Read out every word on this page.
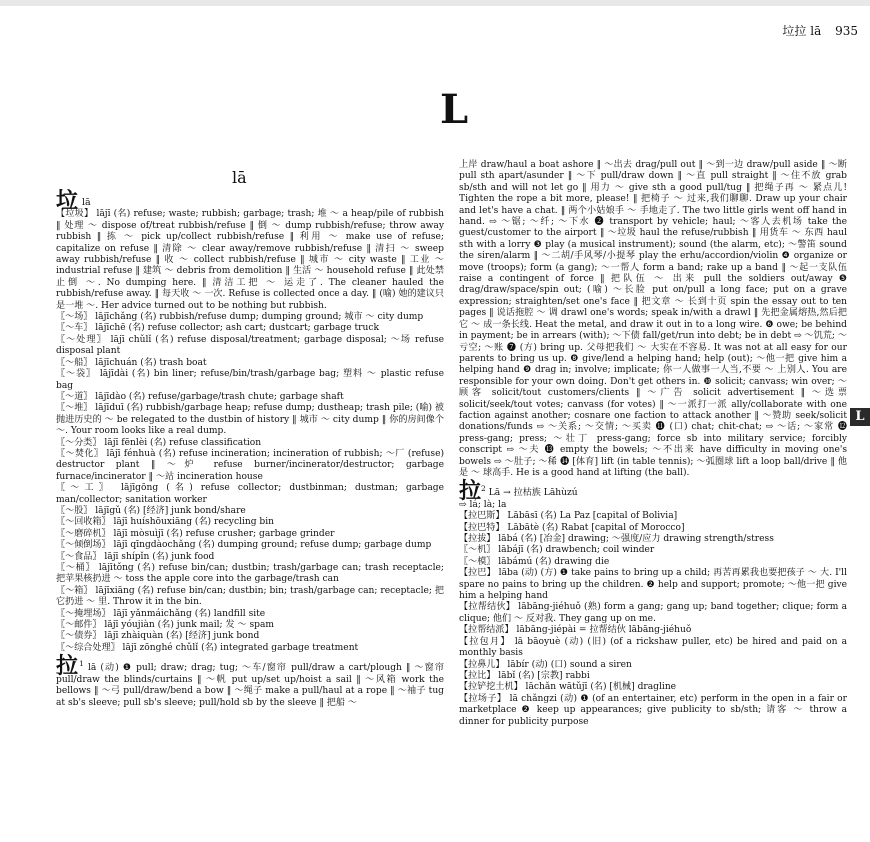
垃拉 lā 935
L
lā

垃lā

【垃圾】 lājī (名) refuse; waste; rubbish; garbage; trash; 堆 ～ a heap/pile of rubbish ‖ 处理 ～ dispose of/treat rubbish/refuse ‖ 倒 ～ dump rubbish/refuse; throw away rubbish ‖ 拣 ～ pick up/collect rubbish/refuse ‖ 利用 ～ make use of refuse; capitalize on refuse ‖ 清除 ～ clear away/remove rubbish/refuse ‖ 清扫 ～ sweep away rubbish/refuse ‖ 收 ～ collect rubbish/refuse ‖ 城市 ～ city waste ‖ 工业 ～ industrial refuse ‖ 建筑 ～ debris from demolition ‖ 生活 ～ household refuse ‖ 此处禁止倒 ～. No dumping here. ‖ 清洁工把 ～ 运走了. The cleaner hauled the rubbish/refuse away. ‖ 每天收 ～ 一次. Refuse is collected once a day. ‖ (喻) 她的建议只是一堆 ～. Her advice turned out to be nothing but rubbish.

〖～场〗 lājīchǎng (名) rubbish/refuse dump; dumping ground; 城市 ～ city dump

〖～车〗 lājīchē (名) refuse collector; ash cart; dustcart; garbage truck

〖～处理〗 lājī chǔlǐ (名) refuse disposal/treatment; garbage disposal; ～场 refuse disposal plant

〖～船〗 lājīchuán (名) trash boat

〖～袋〗 lājīdài (名) bin liner; refuse/bin/trash/garbage bag; 塑料 ～ plastic refuse bag

〖～道〗 lājīdào (名) refuse/garbage/trash chute; garbage shaft

〖～堆〗 lājīduī (名) rubbish/garbage heap; refuse dump; dustheap; trash pile; (喻) 被抛进历史的 ～ be relegated to the dustbin of history ‖ 城市 ～ city dump ‖ 你的房间像个 ～. Your room looks like a real dump.

〖～分类〗 lājī fēnlèi (名) refuse classification

〖～焚化〗 lājī fénhuà (名) refuse incineration; incineration of rubbish; ～厂 (refuse) destructor plant ‖ ～炉 refuse burner/incinerator/destructor; garbage furnace/incinerator ‖ ～站 incineration house

〖～工〗 lājīgōng (名) refuse collector; dustbinman; dustman; garbage man/collector; sanitation worker

〖～股〗 lājīgǔ (名) [经济] junk bond/share

〖～回收箱〗 lājī huíshōuxiāng (名) recycling bin

〖～磨碎机〗 lājī mòsuìjī (名) refuse crusher; garbage grinder

〖～倾倒场〗 lājī qīngdàochǎng (名) dumping ground; refuse dump; garbage dump

〖～食品〗 lājī shípǐn (名) junk food

〖～桶〗 lājītǒng (名) refuse bin/can; dustbin; trash/garbage can; trash receptacle; 把苹果核扔进 ～ toss the apple core into the garbage/trash can

〖～箱〗 lājīxiāng (名) refuse bin/can; dustbin; bin; trash/garbage can; receptacle; 把它扔进 ～ 里. Throw it in the bin.

〖～掩埋场〗 lājī yǎnmáichǎng (名) landfill site

〖～邮件〗 lājī yóujiàn (名) junk mail; 发 ～ spam

〖～债券〗 lājī zhàiquàn (名) [经济] junk bond

〖～综合处理〗 lājī zōnghé chǔlǐ (名) integrated garbage treatment

拉$^1$ lā (动) ❶ pull; draw; drag; tug; ～车/窗帘 pull/draw a cart/plough ‖ ～窗帘 pull/draw the blinds/curtains ‖ ～帆 put up/set up/hoist a sail ‖ ～风箱 work the bellows ‖ ～弓 pull/draw/bend a bow ‖ ～绳子 make a pull/haul at a rope ‖ ～袖子 tug at sb's sleeve; pull sb's sleeve; pull/hold sb by the sleeve ‖ 把船 ～

上岸 draw/haul a boat ashore ‖ ～出去 drag/pull out ‖ ～到一边 draw/pull aside ‖ ～断 pull sth apart/asunder ‖ ～下 pull/draw down ‖ ～直 pull straight ‖ ～住不放 grab sb/sth and will not let go ‖ 用力 ～ give sth a good pull/tug ‖ 把绳子再 ～ 紧点儿! Tighten the rope a bit more, please! ‖ 把椅子 ～ 过来,我们聊聊. Draw up your chair and let's have a chat. ‖ 两个小姑娘手 ～ 手地走了. The two little girls went off hand in hand. ⇨ ～锯; ～纤; ～下水 ❷ transport by vehicle; haul; ～客人去机场 take the guest/customer to the airport ‖ ～垃圾 haul the refuse/rubbish ‖ 用货车 ～ 东西 haul sth with a lorry ❸ play (a musical instrument); sound (the alarm, etc); ～警笛 sound the siren/alarm ‖ ～二胡/手风琴/小提琴 play the erhu/accordion/violin ❹ organize or move (troops); form (a gang); ～一帮人 form a band; rake up a band ‖ ～起一支队伍 raise a contingent of force ‖ 把队伍 ～ 出来 pull the soldiers out/away ❺ drag/draw/space/spin out; (喻) ～长脸 put on/pull a long face; put on a grave expression; straighten/set one's face ‖ 把文章 ～ 长到十页 spin the essay out to ten pages ‖ 说话拖腔 ～ 调 drawl one's words; speak in/with a drawl ‖ 先把金属熔热,然后把它 ～ 成一条长线. Heat the metal, and draw it out in to a long wire. ❻ owe; be behind in payment; be in arrears (with); ～下债 fall/get/run into debt; be in debt ⇨ ～饥荒; ～亏空; ～账 ❼ (方) bring up. 父母把我们 ～ 大实在不容易. It was not at all easy for our parents to bring us up. ❽ give/lend a helping hand; help (out); ～他一把 give him a helping hand ❾ drag in; involve; implicate; 你一人做事一人当,不要 ～ 上别人. You are responsible for your own doing. Don't get others in. ❿ solicit; canvass; win over; ～顾客 solicit/tout customers/clients ‖ ～广告 solicit advertisement ‖ ～选票 solicit/seek/tout votes; canvass (for votes) ‖ ～一派打一派 ally/collaborate with one faction against another; cosnare one faction to attack another ‖ ～赞助 seek/solicit donations/funds ⇨ ～关系; ～交情; ～买卖 ⓫ (口) chat; chit-chat; ⇨ ～话; ～家常 ⓬ press-gang; press; ～壮丁 press-gang; force sb into military service; forcibly conscript ⇨ ～夫 ⓭ empty the bowels; ～不出来 have difficulty in moving one's bowels ⇨ ～肚子; ～稀 ⓮ [体育] lift (in table tennis); ～弧圈球 lift a loop ball/drive ‖ 他是 ～ 球高手. He is a good hand at lifting (the ball).

拉$^2$ Lā → 拉枯族 Lāhùzú

⇨ lá; là; la

【拉巴斯】 Lābāsī (名) La Paz [capital of Bolivia]

【拉巴特】 Lābātè (名) Rabat [capital of Morocco]

【拉拔】 lābá (名) [冶金] drawing; ～强度/应力 drawing strength/stress

〖～机〗 lābájī (名) drawbench; coil winder

〖～模〗 lābámú (名) drawing die

【拉巴】 lāba (动) (方) ❶ take pains to bring up a child; 再苦再累我也要把孩子 ～ 大. I'll spare no pains to bring up the children. ❷ help and support; promote; ～他一把 give him a helping hand

【拉帮结伙】 lābāng-jiéhuǒ (熟) form a gang; gang up; band together; clique; form a clique; 他们 ～ 反对我. They gang up on me.

【拉帮结派】 lābāng-jiépài = 拉帮结伙 lābāng-jiéhuǒ

【拉包月】 lā bāoyuè (动) (旧) (of a rickshaw puller, etc) be hired and paid on a monthly basis

【拉鼻儿】 lābír (动) (口) sound a siren

【拉比】 lābǐ (名) [宗教] rabbi

【拉铲挖土机】 lāchǎn wātǔjī (名) [机械] dragline

【拉场子】 lā chǎngzi (动) ❶ (of an entertainer, etc) perform in the open in a fair or marketplace ❷ keep up appearances; give publicity to sb/sth; 请客 ～ throw a dinner for publicity purpose

L
